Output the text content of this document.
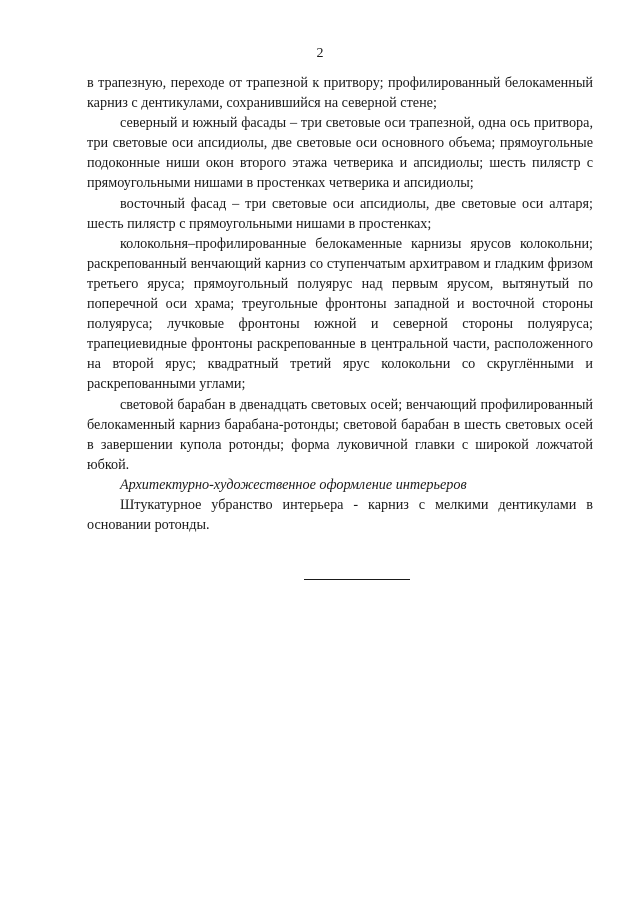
2

в трапезную, переходе от трапезной к притвору; профилированный белокаменный карниз с дентикулами, сохранившийся на северной стене;

северный и южный фасады – три световые оси трапезной, одна ось притвора, три световые оси апсидиолы, две световые оси основного объема; прямоугольные подоконные ниши окон второго этажа четверика и апсидиолы; шесть пилястр с прямоугольными нишами в простенках четверика и апсидиолы;

восточный фасад – три световые оси апсидиолы, две световые оси алтаря; шесть пилястр с прямоугольными нишами в простенках;

колокольня–профилированные белокаменные карнизы ярусов колокольни; раскрепованный венчающий карниз со ступенчатым архитравом и гладким фризом третьего яруса; прямоугольный полуярус над первым ярусом, вытянутый по поперечной оси храма; треугольные фронтоны западной и восточной стороны полуяруса; лучковые фронтоны южной и северной стороны полуяруса; трапециевидные фронтоны раскрепованные в центральной части, расположенного на второй ярус; квадратный третий ярус колокольни со скруглёнными и раскрепованными углами;

световой барабан в двенадцать световых осей; венчающий профилированный белокаменный карниз барабана-ротонды; световой барабан в шесть световых осей в завершении купола ротонды; форма луковичной главки с широкой ложчатой юбкой.

Архитектурно-художественное оформление интерьеров

Штукатурное убранство интерьера - карниз с мелкими дентикулами в основании ротонды.
